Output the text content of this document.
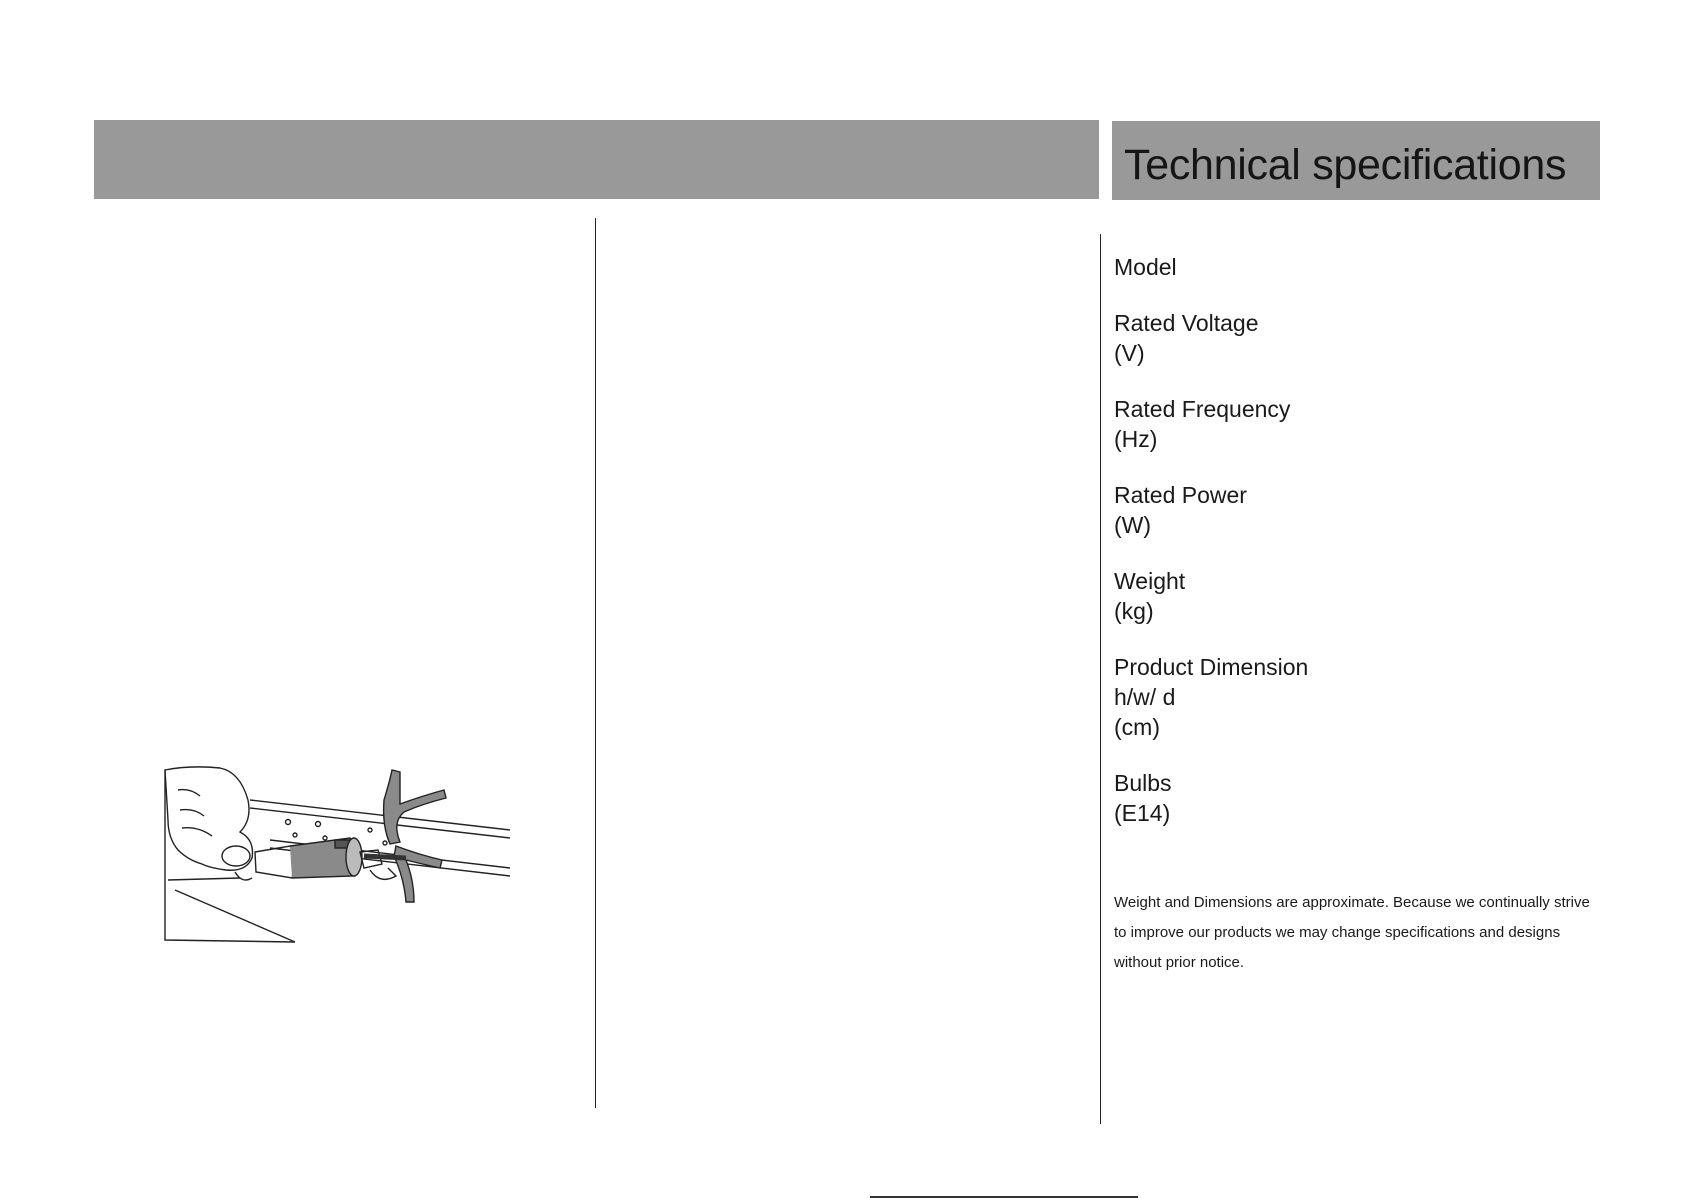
Technical specifications
Model
Rated Voltage
(V)
Rated Frequency
(Hz)
Rated Power
(W)
Weight
(kg)
Product Dimension
h/w/ d
(cm)
Bulbs
(E14)
Weight and Dimensions are approximate. Because we continually strive to improve our products we may change specifications and designs without prior notice.
